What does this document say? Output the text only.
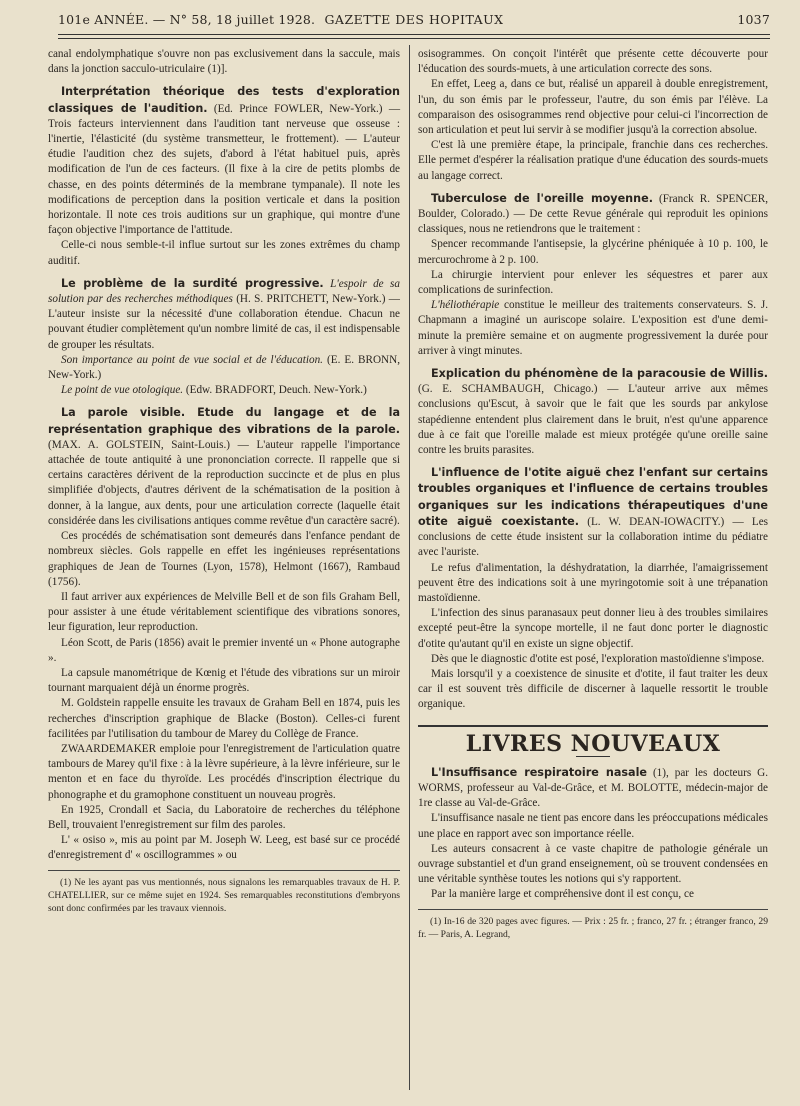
101e ANNÉE. — N° 58, 18 juillet 1928. GAZETTE DES HOPITAUX	1037

canal endolymphatique s'ouvre non pas exclusivement dans la saccule, mais dans la jonction sacculo-utriculaire (1)].

Interprétation théorique des tests d'exploration classiques de l'audition. (Ed. Prince FOWLER, New-York.) — Trois facteurs interviennent dans l'audition tant nerveuse que osseuse : l'inertie, l'élasticité (du système transmetteur, le frottement). — L'auteur étudie l'audition chez des sujets, d'abord à l'état habituel puis, après modification de l'un de ces facteurs. (Il fixe à la cire de petits plombs de chasse, en des points déterminés de la membrane tympanale). Il note les modifications de perception dans la position verticale et dans la position horizontale. Il note ces trois auditions sur un graphique, qui montre d'une façon objective l'importance de l'attitude.

Celle-ci nous semble-t-il influe surtout sur les zones extrêmes du champ auditif.

Le problème de la surdité progressive. L'espoir de sa solution par des recherches méthodiques (H. S. PRITCHETT, New-York.) — L'auteur insiste sur la nécessité d'une collaboration étendue. Chacun ne pouvant étudier complètement qu'un nombre limité de cas, il est indispensable de grouper les résultats.

Son importance au point de vue social et de l'éducation. (E. E. BRONN, New-York.)

Le point de vue otologique. (Edw. BRADFORT, Deuch. New-York.)

La parole visible. Etude du langage et de la représentation graphique des vibrations de la parole. (MAX. A. GOLSTEIN, Saint-Louis.) — L'auteur rappelle l'importance attachée de toute antiquité à une prononciation correcte. Il rappelle que si certains caractères dérivent de la reproduction succincte et de plus en plus simplifiée d'objects, d'autres dérivent de la schématisation de la position à donner, à la langue, aux dents, pour une articulation correcte (laquelle était considérée dans les civilisations antiques comme revêtue d'un caractère sacré).

Ces procédés de schématisation sont demeurés dans l'enfance pendant de nombreux siècles. Gols rappelle en effet les ingénieuses représentations graphiques de Jean de Tournes (Lyon, 1578), Helmont (1667), Rambaud (1756).

Il faut arriver aux expériences de Melville Bell et de son fils Graham Bell, pour assister à une étude véritablement scientifique des vibrations sonores, leur figuration, leur reproduction.

Léon Scott, de Paris (1856) avait le premier inventé un « Phone autographe ».

La capsule manométrique de Kœnig et l'étude des vibrations sur un miroir tournant marquaient déjà un énorme progrès.

M. Goldstein rappelle ensuite les travaux de Graham Bell en 1874, puis les recherches d'inscription graphique de Blacke (Boston). Celles-ci furent facilitées par l'utilisation du tambour de Marey du Collège de France.

ZWAARDEMAKER emploie pour l'enregistrement de l'articulation quatre tambours de Marey qu'il fixe : à la lèvre supérieure, à la lèvre inférieure, sur le menton et en face du thyroïde. Les procédés d'inscription électrique du phonographe et du gramophone constituent un nouveau progrès.

En 1925, Crondall et Sacia, du Laboratoire de recherches du téléphone Bell, trouvaient l'enregistrement sur film des paroles.

L' « osiso », mis au point par M. Joseph W. Leeg, est basé sur ce procédé d'enregistrement d' « oscillogrammes » ou

(1) Ne les ayant pas vus mentionnés, nous signalons les remarquables travaux de H. P. CHATELLIER, sur ce même sujet en 1924. Ses remarquables reconstitutions d'embryons sont donc confirmées par les travaux viennois.

osisogrammes. On conçoit l'intérêt que présente cette découverte pour l'éducation des sourds-muets, à une articulation correcte des sons.

En effet, Leeg a, dans ce but, réalisé un appareil à double enregistrement, l'un, du son émis par le professeur, l'autre, du son émis par l'élève. La comparaison des osisogrammes rend objective pour celui-ci l'incorrection de son articulation et peut lui servir à se modifier jusqu'à la correction absolue.

C'est là une première étape, la principale, franchie dans ces recherches. Elle permet d'espérer la réalisation pratique d'une éducation des sourds-muets au langage correct.

Tuberculose de l'oreille moyenne. (Franck R. SPENCER, Boulder, Colorado.) — De cette Revue générale qui reproduit les opinions classiques, nous ne retiendrons que le traitement :

Spencer recommande l'antisepsie, la glycérine phéniquée à 10 p. 100, le mercurochrome à 2 p. 100.

La chirurgie intervient pour enlever les séquestres et parer aux complications de surinfection.

L'héliothérapie constitue le meilleur des traitements conservateurs. S. J. Chapmann a imaginé un auriscope solaire. L'exposition est d'une demi-minute la première semaine et on augmente progressivement la durée pour arriver à vingt minutes.

Explication du phénomène de la paracousie de Willis. (G. E. SCHAMBAUGH, Chicago.) — L'auteur arrive aux mêmes conclusions qu'Escut, à savoir que le fait que les sourds par ankylose stapédienne entendent plus clairement dans le bruit, n'est qu'une apparence due à ce fait que l'oreille malade est mieux protégée qu'une oreille saine contre les bruits parasites.

L'influence de l'otite aiguë chez l'enfant sur certains troubles organiques et l'influence de certains troubles organiques sur les indications thérapeutiques d'une otite aiguë coexistante. (L. W. DEAN-IOWACITY.) — Les conclusions de cette étude insistent sur la collaboration intime du pédiatre avec l'auriste.

Le refus d'alimentation, la déshydratation, la diarrhée, l'amaigrissement peuvent être des indications soit à une myringotomie soit à une trépanation mastoïdienne.

L'infection des sinus paranasaux peut donner lieu à des troubles similaires excepté peut-être la syncope mortelle, il ne faut donc porter le diagnostic d'otite qu'autant qu'il en existe un signe objectif.

Dès que le diagnostic d'otite est posé, l'exploration mastoïdienne s'impose.

Mais lorsqu'il y a coexistence de sinusite et d'otite, il faut traiter les deux car il est souvent très difficile de discerner à laquelle ressortit le trouble organique.

LIVRES NOUVEAUX

L'Insuffisance respiratoire nasale (1), par les docteurs G. WORMS, professeur au Val-de-Grâce, et M. BOLOTTE, médecin-major de 1re classe au Val-de-Grâce.

L'insuffisance nasale ne tient pas encore dans les préoccupations médicales une place en rapport avec son importance réelle.

Les auteurs consacrent à ce vaste chapitre de pathologie générale un ouvrage substantiel et d'un grand enseignement, où se trouvent condensées en une véritable synthèse toutes les notions qui s'y rapportent.

Par la manière large et compréhensive dont il est conçu, ce

(1) In-16 de 320 pages avec figures. — Prix : 25 fr. ; franco, 27 fr. ; étranger franco, 29 fr. — Paris, A. Legrand,
